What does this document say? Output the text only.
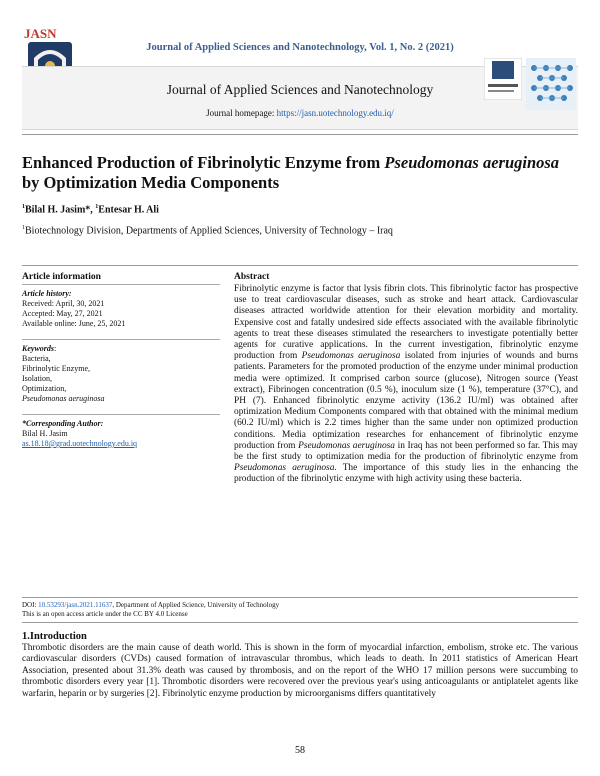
JASN
Journal of Applied Sciences and Nanotechnology, Vol. 1, No. 2 (2021)
Journal of Applied Sciences and Nanotechnology
Journal homepage: https://jasn.uotechnology.edu.iq/
Enhanced Production of Fibrinolytic Enzyme from Pseudomonas aeruginosa by Optimization Media Components
$^1$Bilal H. Jasim*, $^1$Entesar H. Ali
$^1$Biotechnology Division, Departments of Applied Sciences, University of Technology – Iraq
Article information
Article history:
Received: April, 30, 2021
Accepted: May, 27, 2021
Available online: June, 25, 2021
Keywords:
Bacteria,
Fibrinolytic Enzyme,
Isolation,
Optimization,
Pseudomonas aeruginosa
*Corresponding Author:
Bilal H. Jasim
as.18.18@grad.uotechnology.edu.iq
Abstract
Fibrinolytic enzyme is factor that lysis fibrin clots. This fibrinolytic factor has prospective use to treat cardiovascular diseases, such as stroke and heart attack. Cardiovascular diseases attracted worldwide attention for their elevation morbidity and mortality. Expensive cost and fatally undesired side effects associated with the available fibrinolytic agents to treat these diseases stimulated the researchers to investigate potentially better agents for curative applications. In the current investigation, fibrinolytic enzyme production from Pseudomonas aeruginosa isolated from injuries of wounds and burns patients. Parameters for the promoted production of the enzyme under minimal production media were optimized. It comprised carbon source (glucose), Nitrogen source (Yeast extract), Fibrinogen concentration (0.5 %), inoculum size (1 %), temperature (37°C), and PH (7). Enhanced fibrinolytic enzyme activity (136.2 IU/ml) was obtained after optimization Medium Components compared with that obtained with the minimal medium (60.2 IU/ml) which is 2.2 times higher than the same under non optimized production conditions. Media optimization researches for enhancement of fibrinolytic enzyme production from Pseudomonas aeruginosa in Iraq has not been performed so far. This may be the first study to optimization media for the production of fibrinolytic enzyme from Pseudomonas aeruginosa. The importance of this study lies in the enhancing the production of the fibrinolytic enzyme with high activity using these bacteria.
DOI: 10.53293/jasn.2021.11637, Department of Applied Science, University of Technology
This is an open access article under the CC BY 4.0 License
1.Introduction
Thrombotic disorders are the main cause of death world. This is shown in the form of myocardial infarction, embolism, stroke etc. The various cardiovascular disorders (CVDs) caused formation of intravascular thrombus, which leads to death. In 2011 statistics of American Heart Association, presented about 31.3% death was caused by thrombosis, and on the report of the WHO 17 million persons were succumbing to thrombotic disorders every year [1]. Thrombotic disorders were recovered over the previous year's using anticoagulants or antiplatelet agents like warfarin, heparin or by surgeries [2]. Fibrinolytic enzyme production by microorganisms differs quantitatively
58
